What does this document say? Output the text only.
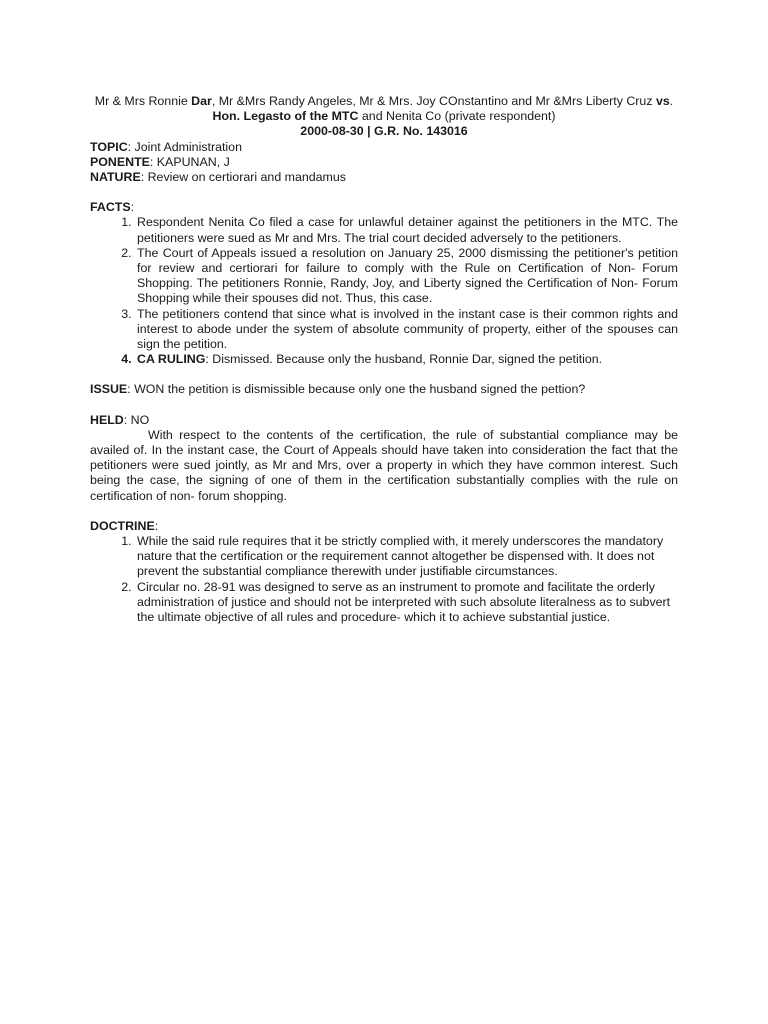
Mr & Mrs Ronnie Dar, Mr &Mrs Randy Angeles, Mr & Mrs. Joy COnstantino and Mr &Mrs Liberty Cruz vs.
Hon. Legasto of the MTC and Nenita Co (private respondent)
2000-08-30 | G.R. No. 143016

TOPIC: Joint Administration

PONENTE: KAPUNAN, J

NATURE: Review on certiorari and mandamus

FACTS:

1. Respondent Nenita Co filed a case for unlawful detainer against the petitioners in the MTC. The petitioners were sued as Mr and Mrs. The trial court decided adversely to the petitioners.
2. The Court of Appeals issued a resolution on January 25, 2000 dismissing the petitioner's petition for review and certiorari for failure to comply with the Rule on Certification of Non- Forum Shopping. The petitioners Ronnie, Randy, Joy, and Liberty signed the Certification of Non- Forum Shopping while their spouses did not. Thus, this case.
3. The petitioners contend that since what is involved in the instant case is their common rights and interest to abode under the system of absolute community of property, either of the spouses can sign the petition.
4. CA RULING: Dismissed. Because only the husband, Ronnie Dar, signed the petition.

ISSUE: WON the petition is dismissible because only one the husband signed the pettion?

HELD: NO

With respect to the contents of the certification, the rule of substantial compliance may be availed of. In the instant case, the Court of Appeals should have taken into consideration the fact that the petitioners were sued jointly, as Mr and Mrs, over a property in which they have common interest. Such being the case, the signing of one of them in the certification substantially complies with the rule on certification of non- forum shopping.

DOCTRINE:

1. While the said rule requires that it be strictly complied with, it merely underscores the mandatory nature that the certification or the requirement cannot altogether be dispensed with. It does not prevent the substantial compliance therewith under justifiable circumstances.
2. Circular no. 28-91 was designed to serve as an instrument to promote and facilitate the orderly administration of justice and should not be interpreted with such absolute literalness as to subvert the ultimate objective of all rules and procedure- which it to achieve substantial justice.
